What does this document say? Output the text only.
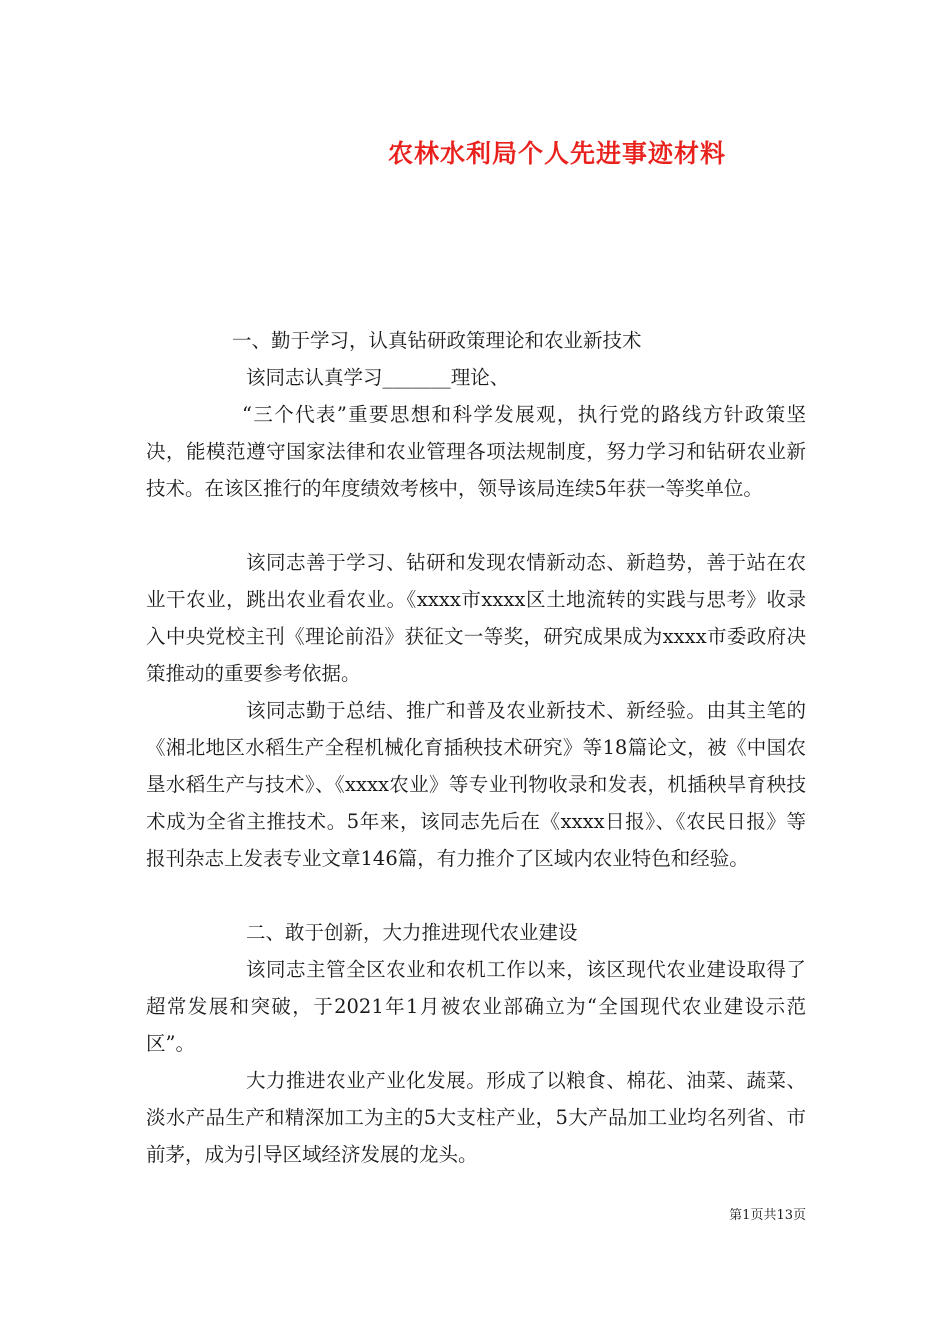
农林水利局个人先进事迹材料

一、勤于学习，认真钻研政策理论和农业新技术

该同志认真学习_______理论、

“三个代表”重要思想和科学发展观，执行党的路线方针政策坚决，能模范遵守国家法律和农业管理各项法规制度，努力学习和钻研农业新技术。在该区推行的年度绩效考核中，领导该局连续5年获一等奖单位。

该同志善于学习、钻研和发现农情新动态、新趋势，善于站在农业干农业，跳出农业看农业。《xxxx市xxxx区土地流转的实践与思考》收录入中央党校主刊《理论前沿》获征文一等奖，研究成果成为xxxx市委政府决策推动的重要参考依据。

该同志勤于总结、推广和普及农业新技术、新经验。由其主笔的《湘北地区水稻生产全程机械化育插秧技术研究》等18篇论文，被《中国农垦水稻生产与技术》、《xxxx农业》等专业刊物收录和发表，机插秧旱育秧技术成为全省主推技术。5年来，该同志先后在《xxxx日报》、《农民日报》等报刊杂志上发表专业文章146篇，有力推介了区域内农业特色和经验。

二、敢于创新，大力推进现代农业建设

该同志主管全区农业和农机工作以来，该区现代农业建设取得了超常发展和突破，于2021年1月被农业部确立为“全国现代农业建设示范区”。

大力推进农业产业化发展。形成了以粮食、棉花、油菜、蔬菜、淡水产品生产和精深加工为主的5大支柱产业，5大产品加工业均名列省、市前茅，成为引导区域经济发展的龙头。

第1页共13页
